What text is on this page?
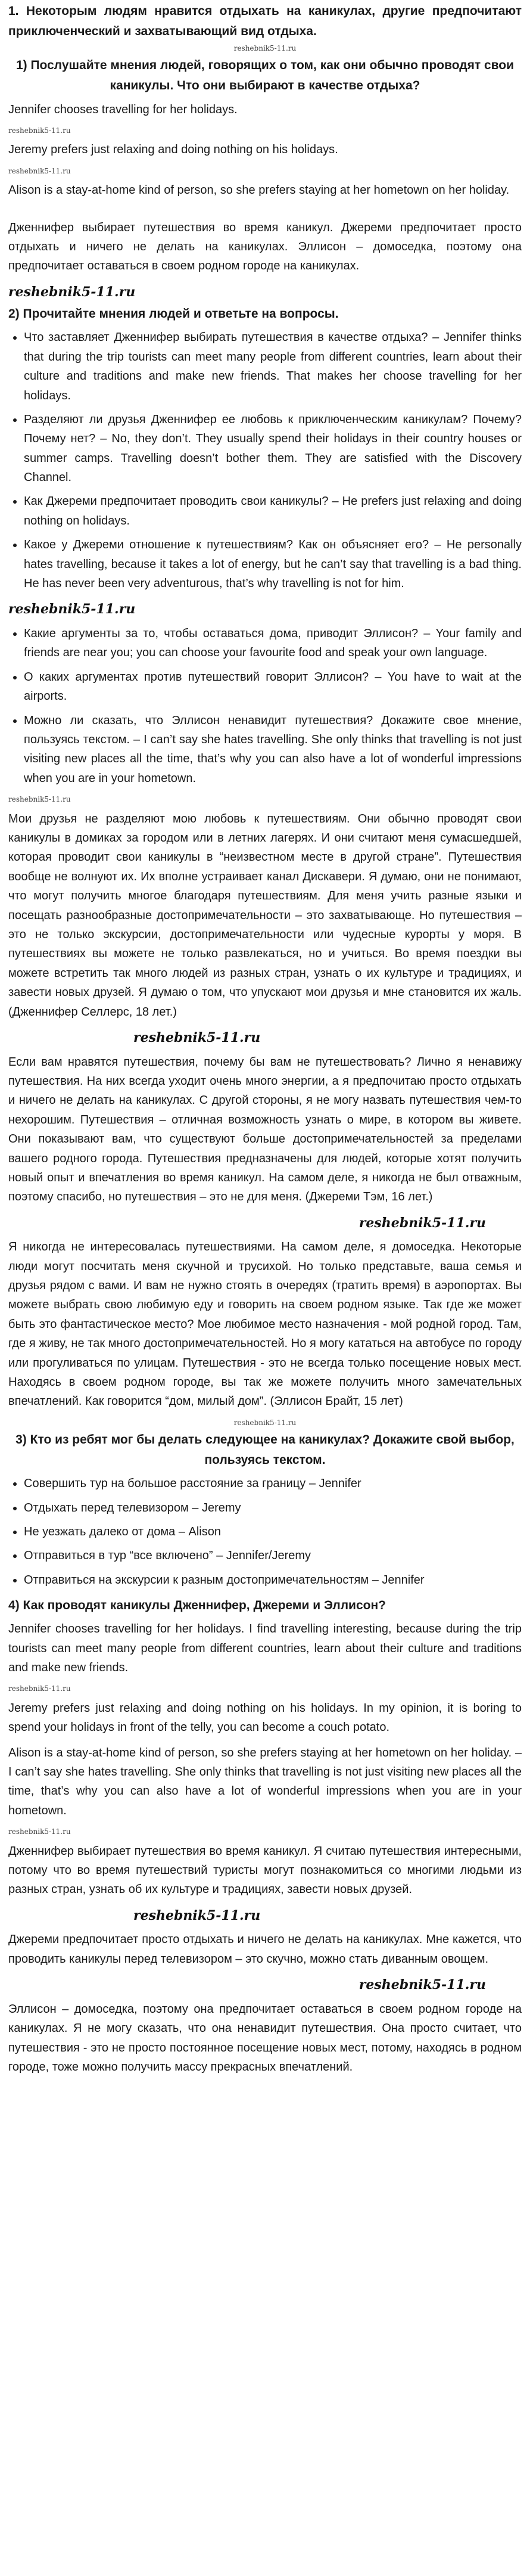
1. Некоторым людям нравится отдыхать на каникулах, другие предпочитают приключенческий и захватывающий вид отдыха.

reshebnik5-11.ru

1) Послушайте мнения людей, говорящих о том, как они обычно проводят свои каникулы. Что они выбирают в качестве отдыха?

Jennifer chooses travelling for her holidays.

reshebnik5-11.ru

Jeremy prefers just relaxing and doing nothing on his holidays.

reshebnik5-11.ru

Alison is a stay-at-home kind of person, so she prefers staying at her hometown on her holiday.

Дженнифер выбирает путешествия во время каникул. Джереми предпочитает просто отдыхать и ничего не делать на каникулах. Эллисон – домоседка, поэтому она предпочитает оставаться в своем родном городе на каникулах.

reshebnik5-11.ru

2) Прочитайте мнения людей и ответьте на вопросы.

• Что заставляет Дженнифер выбирать путешествия в качестве отдыха? – Jennifer thinks that during the trip tourists can meet many people from different countries, learn about their culture and traditions and make new friends. That makes her choose travelling for her holidays.
• Разделяют ли друзья Дженнифер ее любовь к приключенческим каникулам? Почему? Почему нет? – No, they don’t. They usually spend their holidays in their country houses or summer camps. Travelling doesn’t bother them. They are satisfied with the Discovery Channel.
• Как Джереми предпочитает проводить свои каникулы? – He prefers just relaxing and doing nothing on holidays.
• Какое у Джереми отношение к путешествиям? Как он объясняет его? – He personally hates travelling, because it takes a lot of energy, but he can’t say that travelling is a bad thing. He has never been very adventurous, that’s why travelling is not for him.
reshebnik5-11.ru
• Какие аргументы за то, чтобы оставаться дома, приводит Эллисон? – Your family and friends are near you; you can choose your favourite food and speak your own language.
• О каких аргументах против путешествий говорит Эллисон? – You have to wait at the airports.
• Можно ли сказать, что Эллисон ненавидит путешествия? Докажите свое мнение, пользуясь текстом. – I can’t say she hates travelling. She only thinks that travelling is not just visiting new places all the time, that’s why you can also have a lot of wonderful impressions when you are in your hometown.
reshebnik5-11.ru

Мои друзья не разделяют мою любовь к путешествиям. Они обычно проводят свои каникулы в домиках за городом или в летних лагерях. И они считают меня сумасшедшей, которая проводит свои каникулы в “неизвестном месте в другой стране”. Путешествия вообще не волнуют их. Их вполне устраивает канал Дискавери. Я думаю, они не понимают, что могут получить многое благодаря путешествиям. Для меня учить разные языки и посещать разнообразные достопримечательности – это захватывающе. Но путешествия – это не только экскурсии, достопримечательности или чудесные курорты у моря. В путешествиях вы можете не только развлекаться, но и учиться. Во время поездки вы можете встретить так много людей из разных стран, узнать о их культуре и традициях, и завести новых друзей. Я думаю о том, что упускают мои друзья и мне становится их жаль. (Дженнифер Селлерс, 18 лет.)

reshebnik5-11.ru

Если вам нравятся путешествия, почему бы вам не путешествовать? Лично я ненавижу путешествия. На них всегда уходит очень много энергии, а я предпочитаю просто отдыхать и ничего не делать на каникулах. С другой стороны, я не могу назвать путешествия чем-то нехорошим. Путешествия – отличная возможность узнать о мире, в котором вы живете. Они показывают вам, что существуют больше достопримечательностей за пределами вашего родного города. Путешествия предназначены для людей, которые хотят получить новый опыт и впечатления во время каникул. На самом деле, я никогда не был отважным, поэтому спасибо, но путешествия – это не для меня. (Джереми Тэм, 16 лет.)

reshebnik5-11.ru

Я никогда не интересовалась путешествиями. На самом деле, я домоседка. Некоторые люди могут посчитать меня скучной и трусихой. Но только представьте, ваша семья и друзья рядом с вами. И вам не нужно стоять в очередях (тратить время) в аэропортах. Вы можете выбрать свою любимую еду и говорить на своем родном языке. Так где же может быть это фантастическое место? Мое любимое место назначения - мой родной город. Там, где я живу, не так много достопримечательностей. Но я могу кататься на автобусе по городу или прогуливаться по улицам. Путешествия - это не всегда только посещение новых мест. Находясь в своем родном городе, вы так же можете получить много замечательных впечатлений. Как говорится “дом, милый дом”. (Эллисон Брайт, 15 лет)

reshebnik5-11.ru

3) Кто из ребят мог бы делать следующее на каникулах? Докажите свой выбор, пользуясь текстом.

• Совершить тур на большое расстояние за границу – Jennifer
• Отдыхать перед телевизором – Jeremy
• Не уезжать далеко от дома – Alison
• Отправиться в тур “все включено” – Jennifer/Jeremy
• Отправиться на экскурсии к разным достопримечательностям – Jennifer

4) Как проводят каникулы Дженнифер, Джереми и Эллисон?

Jennifer chooses travelling for her holidays. I find travelling interesting, because during the trip tourists can meet many people from different countries, learn about their culture and traditions and make new friends.

reshebnik5-11.ru

Jeremy prefers just relaxing and doing nothing on his holidays. In my opinion, it is boring to spend your holidays in front of the telly, you can become a couch potato.

Alison is a stay-at-home kind of person, so she prefers staying at her hometown on her holiday. – I can’t say she hates travelling. She only thinks that travelling is not just visiting new places all the time, that’s why you can also have a lot of wonderful impressions when you are in your hometown.

reshebnik5-11.ru

Дженнифер выбирает путешествия во время каникул. Я считаю путешествия интересными, потому что во время путешествий туристы могут познакомиться со многими людьми из разных стран, узнать об их культуре и традициях, завести новых друзей.

reshebnik5-11.ru

Джереми предпочитает просто отдыхать и ничего не делать на каникулах. Мне кажется, что проводить каникулы перед телевизором – это скучно, можно стать диванным овощем.

reshebnik5-11.ru

Эллисон – домоседка, поэтому она предпочитает оставаться в своем родном городе на каникулах. Я не могу сказать, что она ненавидит путешествия. Она просто считает, что путешествия - это не просто постоянное посещение новых мест, потому, находясь в родном городе, тоже можно получить массу прекрасных впечатлений.
